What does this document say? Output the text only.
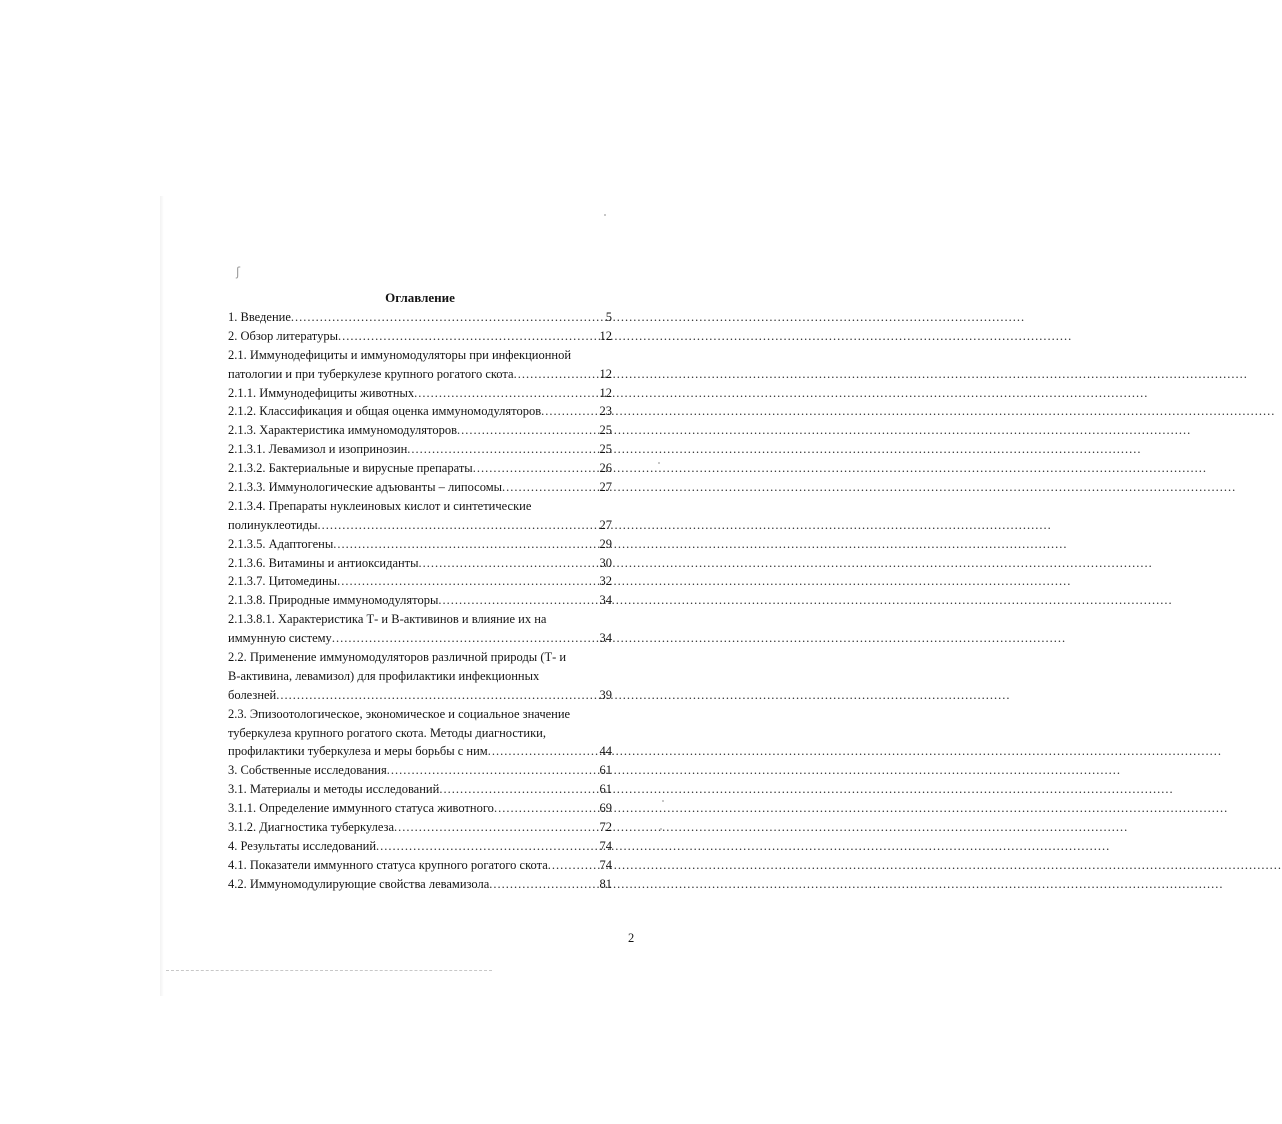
ʃ
Оглавление
1. Введение .....	5
2. Обзор литературы .....	12
2.1. Иммунодефициты и иммуномодуляторы при инфекционной
патологии и при туберкулезе крупного рогатого скота .....	12
2.1.1. Иммунодефициты животных .....	12
2.1.2. Классификация и общая оценка иммуномодуляторов .....	23
2.1.3. Характеристика иммуномодуляторов .....	25
2.1.3.1. Левамизол и изопринозин .....	25
2.1.3.2. Бактериальные и вирусные препараты .....	26
2.1.3.3. Иммунологические адъюванты – липосомы .....	27
2.1.3.4. Препараты нуклеиновых кислот и синтетические
полинуклеотиды .....	27
2.1.3.5. Адаптогены .....	29
2.1.3.6. Витамины и антиоксиданты .....	30
2.1.3.7. Цитомедины .....	32
2.1.3.8. Природные иммуномодуляторы .....	34
2.1.3.8.1. Характеристика Т- и В-активинов и влияние их на
иммунную систему .....	34
2.2. Применение иммуномодуляторов различной природы (Т- и
В-активина, левамизол) для профилактики инфекционных
болезней .....	39
2.3. Эпизоотологическое, экономическое и социальное значение
туберкулеза крупного рогатого скота. Методы диагностики,
профилактики туберкулеза и меры борьбы с ним .....	44
3. Собственные исследования .....	61
3.1. Материалы и методы исследований .....	61
3.1.1. Определение иммунного статуса животного .....	69
3.1.2. Диагностика туберкулеза .....	72
4. Результаты исследований .....	74
4.1. Показатели иммунного статуса крупного рогатого скота .....	74
4.2. Иммуномодулирующие свойства левамизола .....	81
2
